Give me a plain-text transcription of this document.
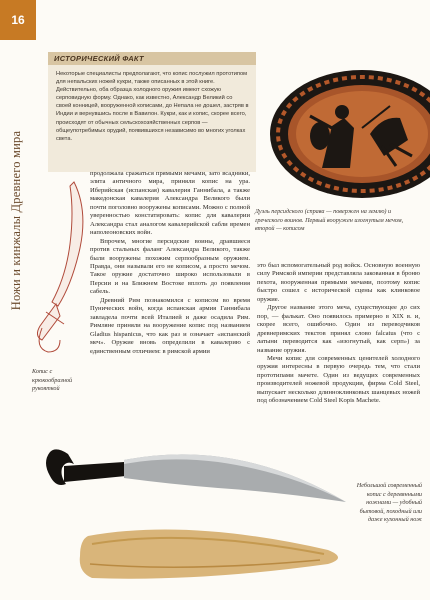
16
Ножи и кинжалы Древнего мира
ИСТОРИЧЕСКИЙ ФАКТ
Некоторые специалисты предполагают, что копис послужил прототипом для непальских ножей кукри, также описанных в этой книге. Действительно, оба образца холодного оружия имеют схожую серповидную форму. Однако, как известно, Александр Великий со своей конницей, вооруженной кописами, до Непала не дошел, застряв в Индии и вернувшись после в Вавилон. Кукри, как и копис, скорее всего, происходят от обычных сельскохозяйственных серпов — общеупотребимых орудий, появившихся независимо во многих уголках света.
Дуэль персидского (справа — повержен на землю) и греческого воинов. Первый вооружен изогнутым мечом, второй — кописом
Копис с крюкообразной рукояткой

продолжала сражаться прямыми мечами, зато всадники, элита античного мира, приняли копис на ура. Иберийская (испанская) кавалерия Ганнибала, а также македонская кавалерия Александра Великого были почти поголовно вооружены кописами. Можно с полной уверенностью констатировать: копис для кавалерии Александра стал аналогом кавалерийской сабли времен наполеоновских войн.

Впрочем, многие персидские воины, дравшиеся против стальных фаланг Александра Великого, также были вооружены похожим серпообразным оружием. Правда, они называли его не кописом, а просто мечом. Такое оружие достаточно широко использовали в Персии и на Ближнем Востоке вплоть до появления сабель.

Древний Рим познакомился с кописом во время Пунических войн, когда испанская армия Ганнибала завладела почти всей Италией и даже осадила Рим. Римляне приняли на вооружение копис под названием Gladius hispanicus, что как раз и означает «испанский меч». Оружие вновь определили в кавалерию с единственным отличием: в римской армии

это был вспомогательный род войск. Основную военную силу Римской империи представляла закованная в броню пехота, вооруженная прямыми мечами, поэтому копис быстро сошел с исторической сцены как клинковое оружие.

Другое название этого меча, существующее до сих пор, — фалькат. Оно появилось примерно в XIX в. и, скорее всего, ошибочно. Один из переводчиков древнеримских текстов принял слово falcatus (что с латыни переводится как «изогнутый, как серп») за название оружия.

Мечи копис для современных ценителей холодного оружия интересны в первую очередь тем, что стали прототипами мачете. Один из ведущих современных производителей ножевой продукции, фирма Cold Steel, выпускает несколько длинноклинковых шанцевых ножей под обозначением Cold Steel Kopis Machete.

Небольшой современный копис с деревянными ножнами — удобный бытовой, походный или даже кухонный нож
